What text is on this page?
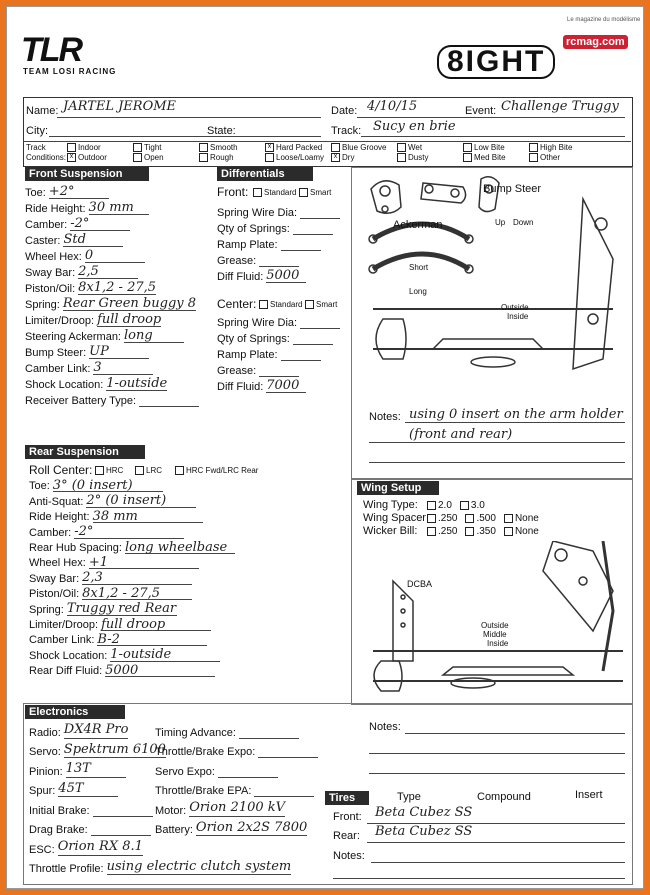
TLR
TEAM LOSI RACING	8IGHT
rcmag.com
Le magazine du modélisme
Name: JARTEL JEROME	Date: 4/10/15	Event: Challenge Truggy
City:	State:	Track: Sucy en brie
Track Conditions:
Indoor
x Outdoor
Tight
Open
Smooth
Rough
x Hard Packed
Loose/Loamy
Blue Groove
x Dry
Wet
Dusty
Low Bite
Med Bite
High Bite
Other
Front Suspension
Toe: +2°
Ride Height: 30 mm
Camber: -2°
Caster: Std
Wheel Hex: 0
Sway Bar: 2,5
Piston/Oil: 8x1,2 - 27,5
Spring: Rear Green buggy 8
Limiter/Droop: full droop
Steering Ackerman: long
Bump Steer: UP
Camber Link: 3
Shock Location: 1-outside
Receiver Battery Type:
Differentials
Front:	Standard	Smart
Spring Wire Dia:
Qty of Springs:
Ramp Plate:
Grease:
Diff Fluid: 5000
Center:	Standard	Smart
Spring Wire Dia:
Qty of Springs:
Ramp Plate:
Grease:
Diff Fluid: 7000
Bump Steer
Up Down
Ackerman
Short
Long
Outside
Inside
Notes: using 0 insert on the arm holder (front and rear)
Rear Suspension
Roll Center:	HRC	LRC	HRC Fwd/LRC Rear
Toe: 3° (0 insert)
Anti-Squat: 2° (0 insert)
Ride Height: 38 mm
Camber: -2°
Rear Hub Spacing: long wheelbase
Wheel Hex: +1
Sway Bar: 2,3
Piston/Oil: 8x1,2 - 27,5
Spring: Truggy red Rear
Limiter/Droop: full droop
Camber Link: B-2
Shock Location: 1-outside
Rear Diff Fluid: 5000
Wing Setup
Wing Type:	2.0 3.0
Wing Spacer: .250 .500 None
Wicker Bill:	.250 .350 None
DCBA
Outside
Middle
Inside
Notes:
Electronics
Radio: DX4R Pro
Servo: Spektrum 6100
Pinion: 13T
Spur: 45T
Initial Brake:
Drag Brake:
ESC: Orion RX 8.1
Throttle Profile: using electric clutch system
Timing Advance:
Throttle/Brake Expo:
Servo Expo:
Throttle/Brake EPA:
Motor: Orion 2100 kV
Battery: Orion 2x2S 7800
Tires	Type	Compound	Insert
Front: Beta Cubez SS
Rear: Beta Cubez SS
Notes:
